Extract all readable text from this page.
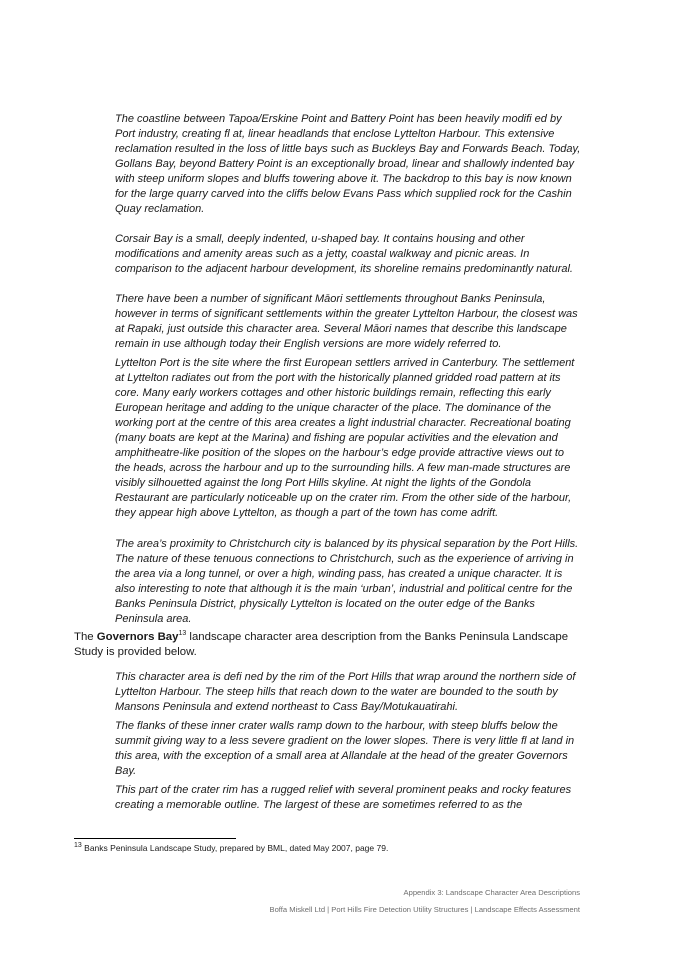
The coastline between Tapoa/Erskine Point and Battery Point has been heavily modifi ed by Port industry, creating fl at, linear headlands that enclose Lyttelton Harbour. This extensive reclamation resulted in the loss of little bays such as Buckleys Bay and Forwards Beach. Today, Gollans Bay, beyond Battery Point is an exceptionally broad, linear and shallowly indented bay with steep uniform slopes and bluffs towering above it. The backdrop to this bay is now known for the large quarry carved into the cliffs below Evans Pass which supplied rock for the Cashin Quay reclamation.

Corsair Bay is a small, deeply indented, u-shaped bay. It contains housing and other modifications and amenity areas such as a jetty, coastal walkway and picnic areas. In comparison to the adjacent harbour development, its shoreline remains predominantly natural.

There have been a number of significant Māori settlements throughout Banks Peninsula, however in terms of significant settlements within the greater Lyttelton Harbour, the closest was at Rapaki, just outside this character area. Several Māori names that describe this landscape remain in use although today their English versions are more widely referred to.

Lyttelton Port is the site where the first European settlers arrived in Canterbury. The settlement at Lyttelton radiates out from the port with the historically planned gridded road pattern at its core. Many early workers cottages and other historic buildings remain, reflecting this early European heritage and adding to the unique character of the place. The dominance of the working port at the centre of this area creates a light industrial character. Recreational boating (many boats are kept at the Marina) and fishing are popular activities and the elevation and amphitheatre-like position of the slopes on the harbour’s edge provide attractive views out to the heads, across the harbour and up to the surrounding hills. A few man-made structures are visibly silhouetted against the long Port Hills skyline. At night the lights of the Gondola Restaurant are particularly noticeable up on the crater rim. From the other side of the harbour, they appear high above Lyttelton, as though a part of the town has come adrift.

The area’s proximity to Christchurch city is balanced by its physical separation by the Port Hills. The nature of these tenuous connections to Christchurch, such as the experience of arriving in the area via a long tunnel, or over a high, winding pass, has created a unique character. It is also interesting to note that although it is the main ‘urban’, industrial and political centre for the Banks Peninsula District, physically Lyttelton is located on the outer edge of the Banks Peninsula area.

The Governors Bay$^{13}$ landscape character area description from the Banks Peninsula Landscape Study is provided below.

This character area is defi ned by the rim of the Port Hills that wrap around the northern side of Lyttelton Harbour. The steep hills that reach down to the water are bounded to the south by Mansons Peninsula and extend northeast to Cass Bay/Motukauatirahi.

The flanks of these inner crater walls ramp down to the harbour, with steep bluffs below the summit giving way to a less severe gradient on the lower slopes. There is very little fl at land in this area, with the exception of a small area at Allandale at the head of the greater Governors Bay.

This part of the crater rim has a rugged relief with several prominent peaks and rocky features creating a memorable outline. The largest of these are sometimes referred to as the

$^{13}$ Banks Peninsula Landscape Study, prepared by BML, dated May 2007, page 79.

Appendix 3: Landscape Character Area Descriptions

Boffa Miskell Ltd | Port Hills Fire Detection Utility Structures | Landscape Effects Assessment
